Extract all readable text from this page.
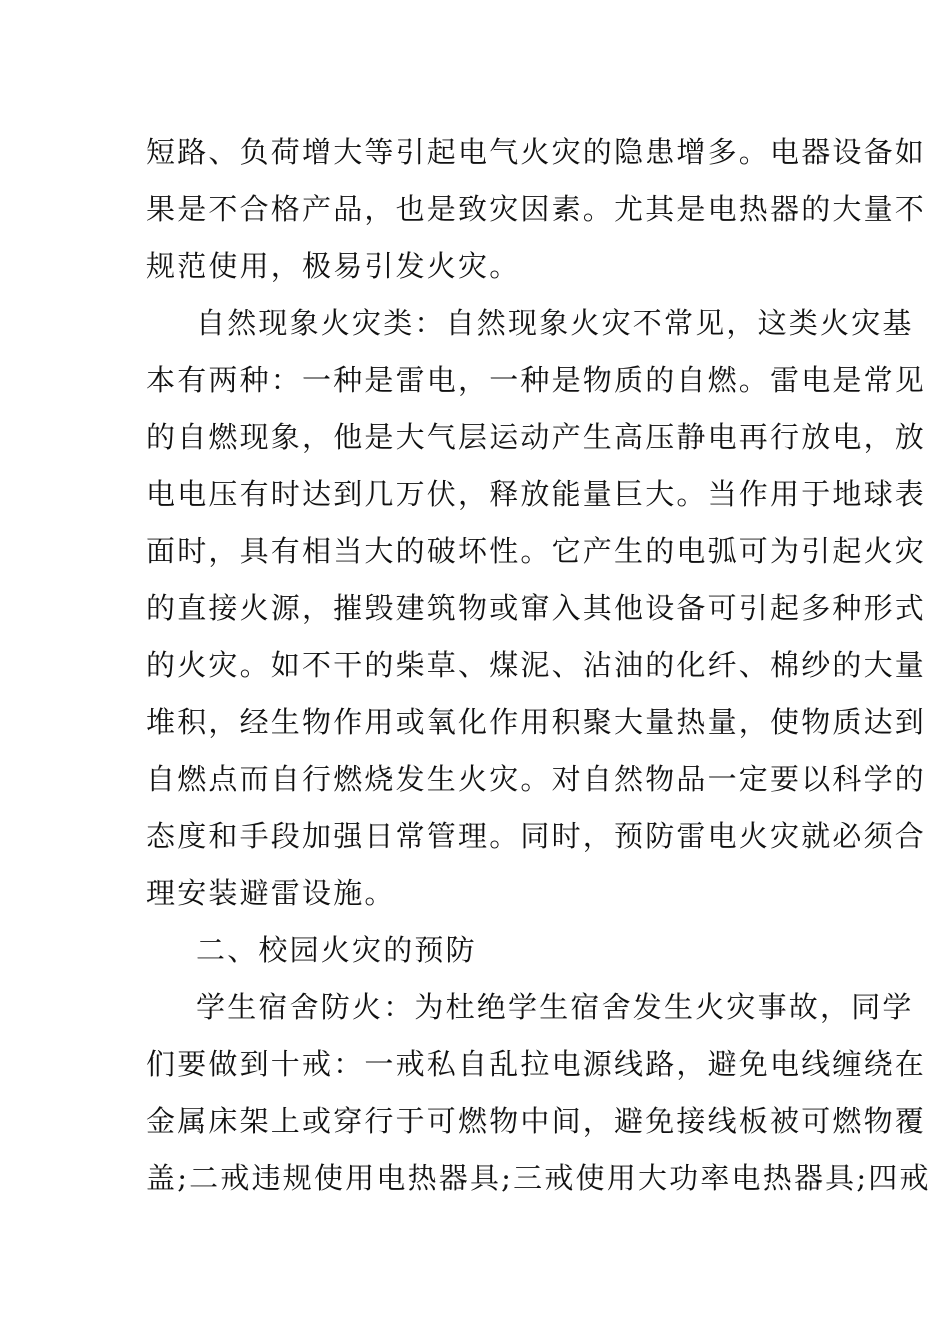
短路、负荷增大等引起电气火灾的隐患增多。电器设备如
果是不合格产品，也是致灾因素。尤其是电热器的大量不
规范使用，极易引发火灾。
自然现象火灾类：自然现象火灾不常见，这类火灾基
本有两种：一种是雷电，一种是物质的自燃。雷电是常见
的自燃现象，他是大气层运动产生高压静电再行放电，放
电电压有时达到几万伏，释放能量巨大。当作用于地球表
面时，具有相当大的破坏性。它产生的电弧可为引起火灾
的直接火源，摧毁建筑物或窜入其他设备可引起多种形式
的火灾。如不干的柴草、煤泥、沾油的化纤、棉纱的大量
堆积，经生物作用或氧化作用积聚大量热量，使物质达到
自燃点而自行燃烧发生火灾。对自然物品一定要以科学的
态度和手段加强日常管理。同时，预防雷电火灾就必须合
理安装避雷设施。
二、校园火灾的预防
学生宿舍防火：为杜绝学生宿舍发生火灾事故，同学
们要做到十戒：一戒私自乱拉电源线路，避免电线缠绕在
金属床架上或穿行于可燃物中间，避免接线板被可燃物覆
盖;二戒违规使用电热器具;三戒使用大功率电热器具;四戒
